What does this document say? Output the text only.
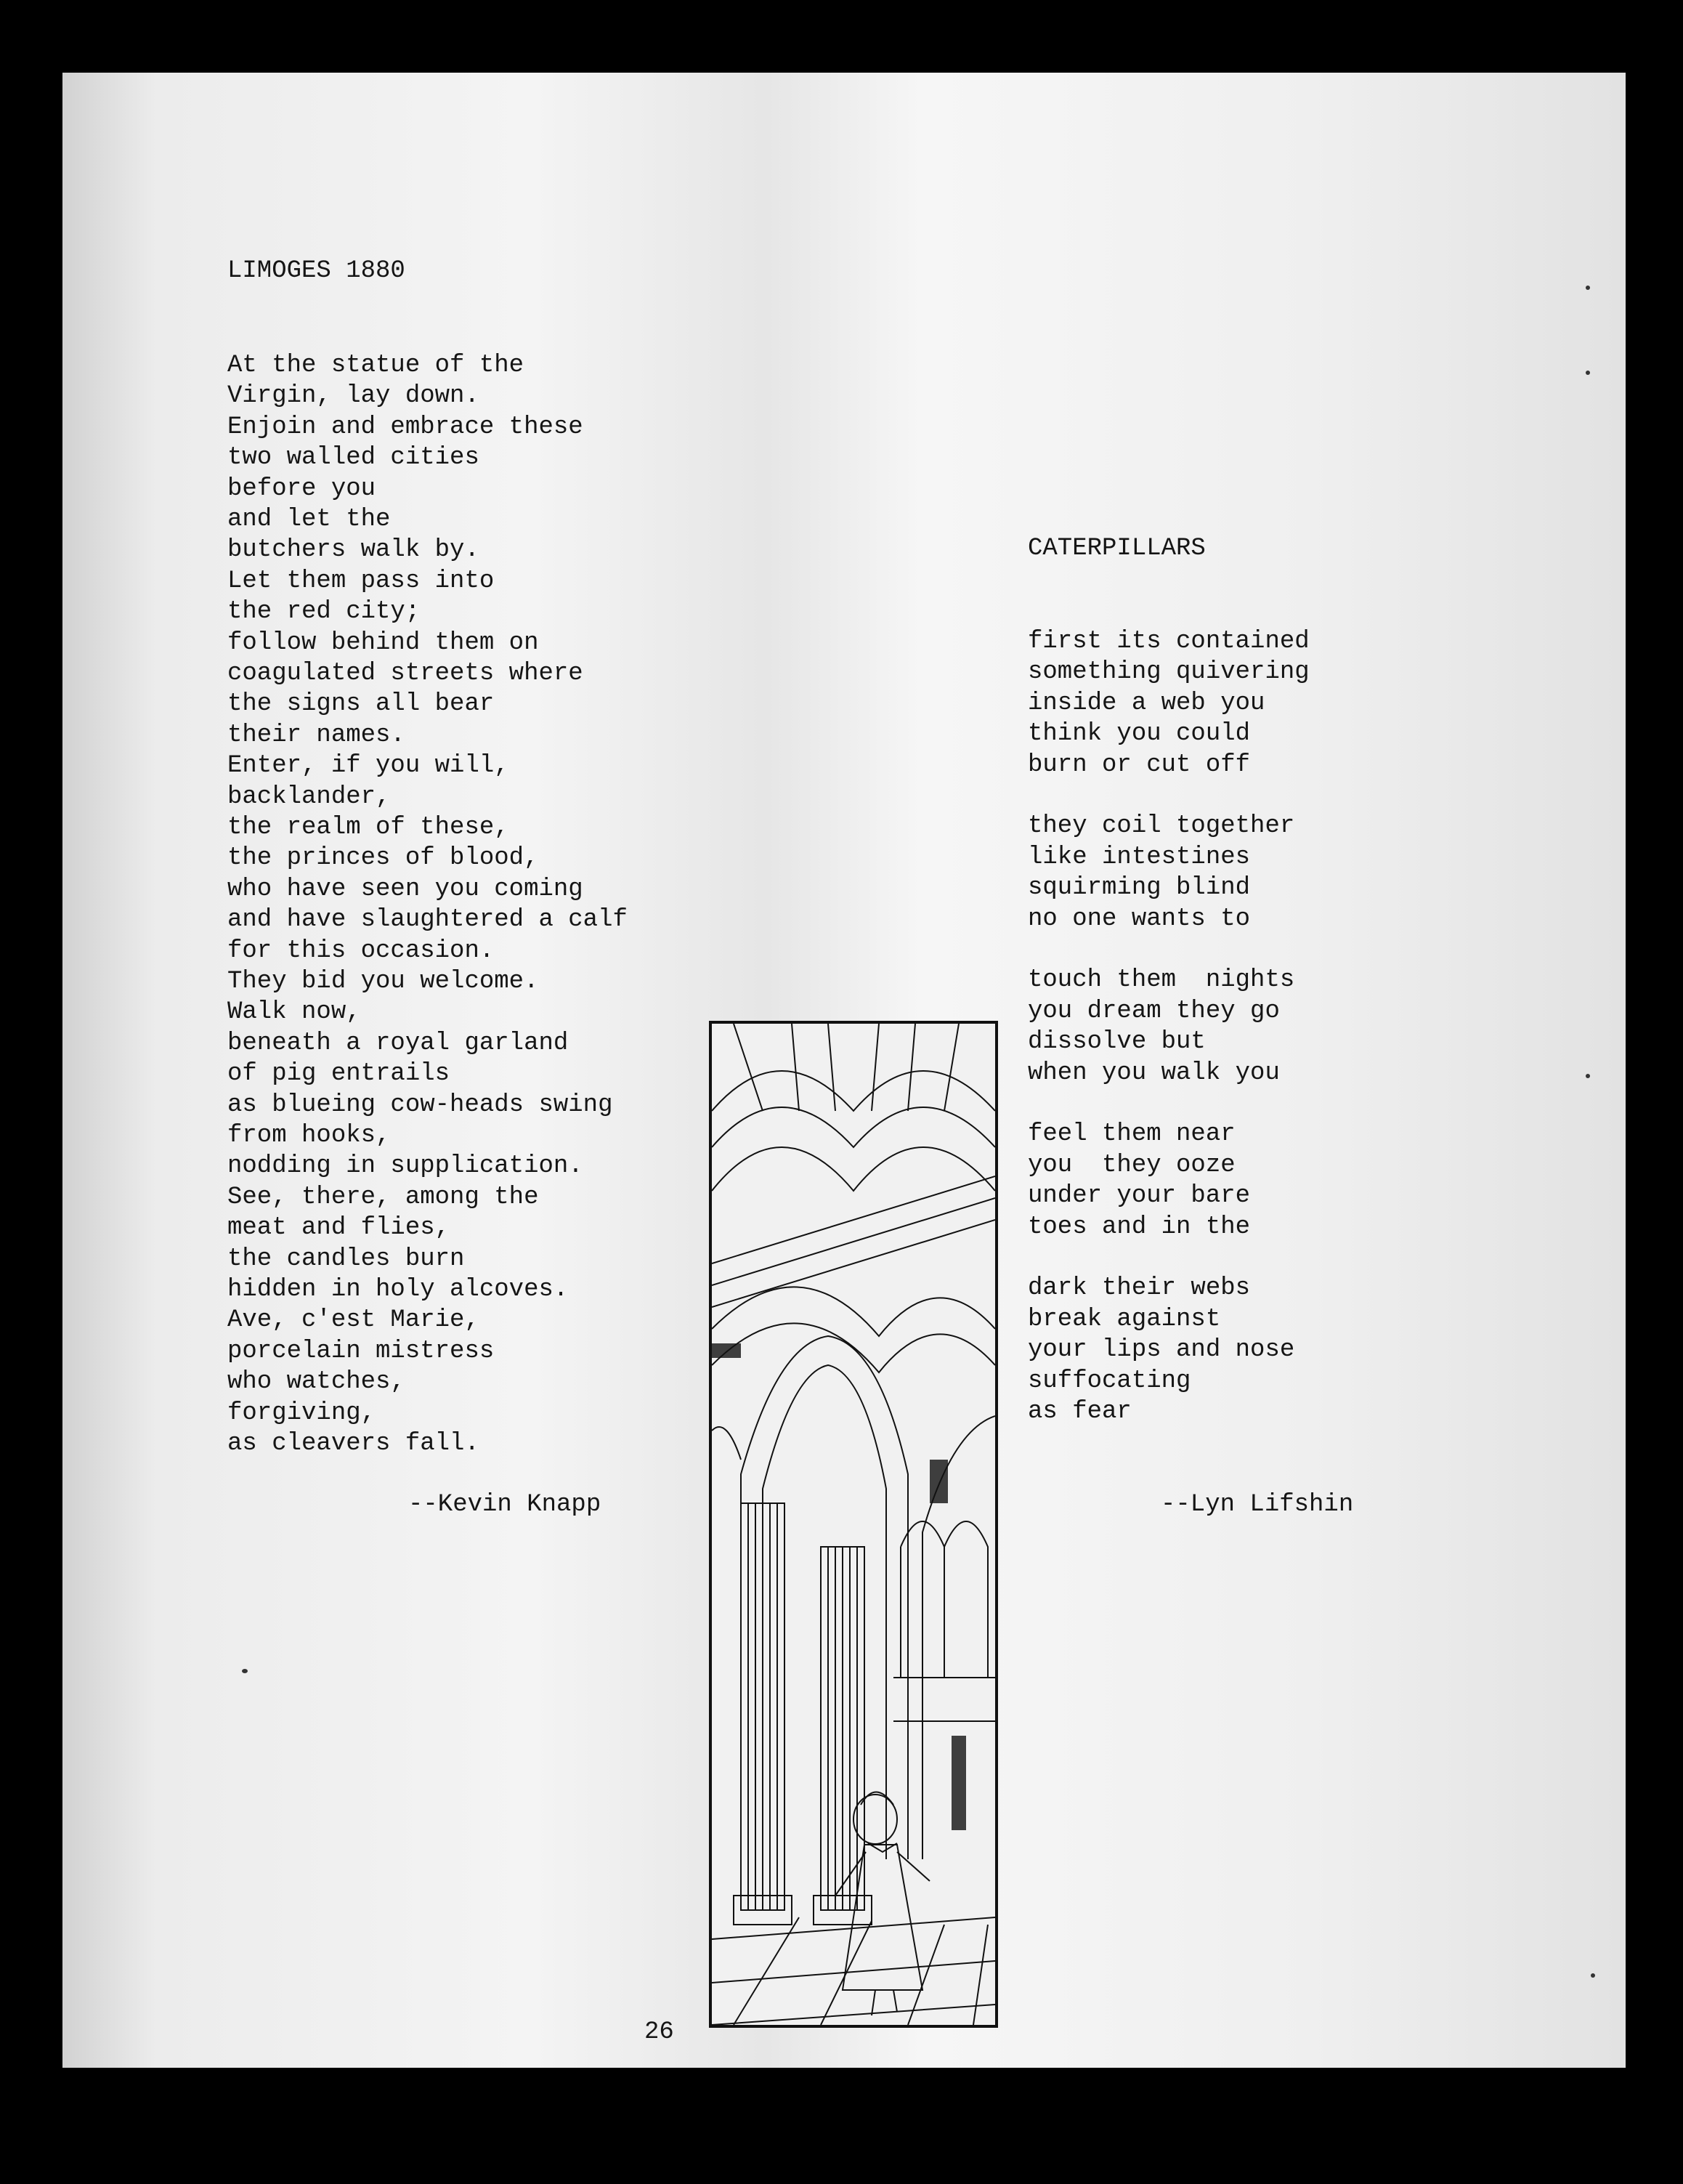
LIMOGES 1880
At the statue of the
Virgin, lay down.
Enjoin and embrace these
two walled cities
before you
and let the
butchers walk by.
Let them pass into
the red city;
follow behind them on
coagulated streets where
the signs all bear
their names.
Enter, if you will,
backlander,
the realm of these,
the princes of blood,
who have seen you coming
and have slaughtered a calf
for this occasion.
They bid you welcome.
Walk now,
beneath a royal garland
of pig entrails
as blueing cow-heads swing
from hooks,
nodding in supplication.
See, there, among the
meat and flies,
the candles burn
hidden in holy alcoves.
Ave, c'est Marie,
porcelain mistress
who watches,
forgiving,
as cleavers fall.
--Kevin Knapp
CATERPILLARS
first its contained
something quivering
inside a web you
think you could
burn or cut off
they coil together
like intestines
squirming blind
no one wants to
touch them  nights
you dream they go
dissolve but
when you walk you
feel them near
you  they ooze
under your bare
toes and in the
dark their webs
break against
your lips and nose
suffocating
as fear
--Lyn Lifshin
26
